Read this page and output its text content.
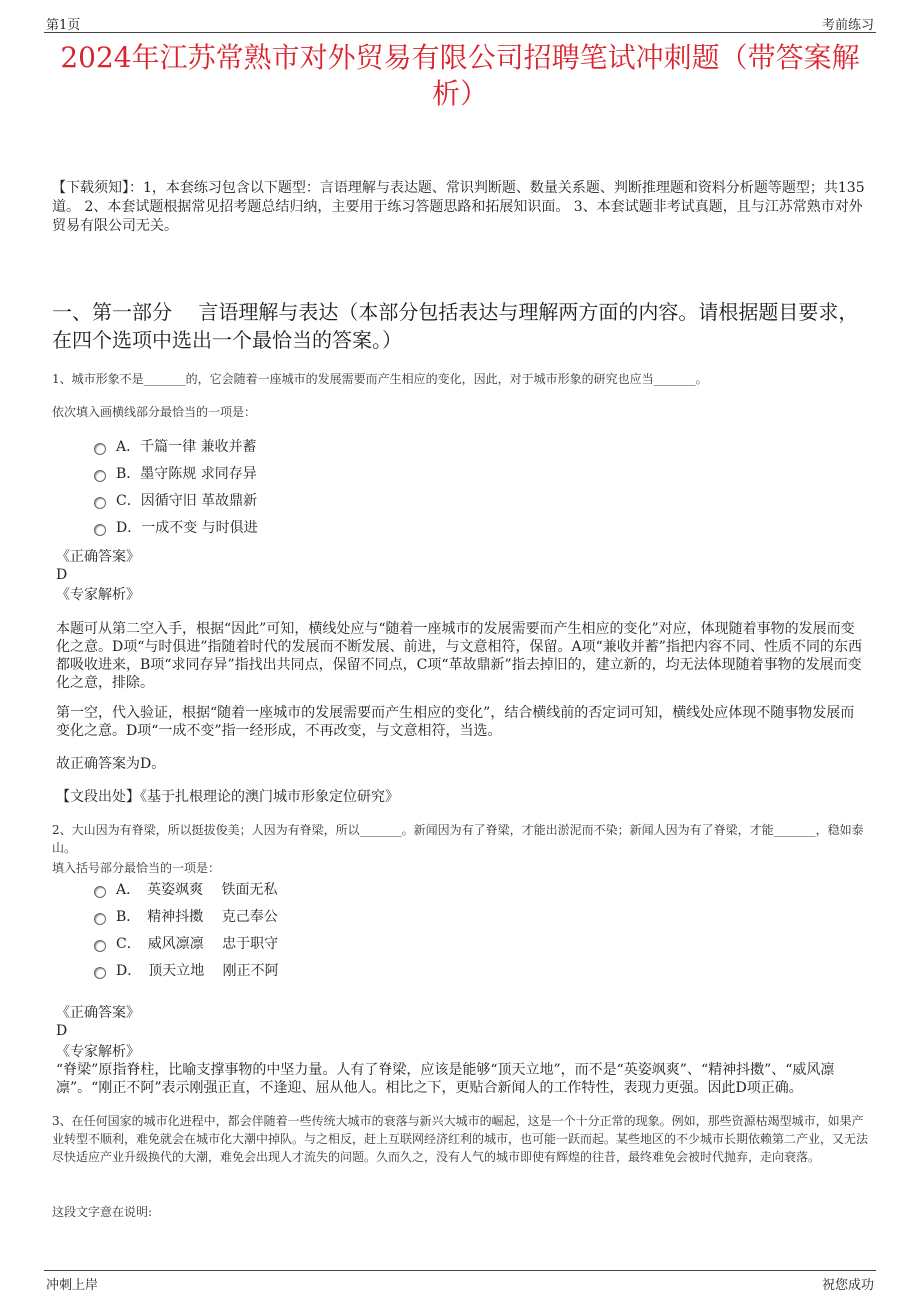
第1页	考前练习
2024年江苏常熟市对外贸易有限公司招聘笔试冲刺题（带答案解析）
【下载须知】：1，本套练习包含以下题型：言语理解与表达题、常识判断题、数量关系题、判断推理题和资料分析题等题型；共135道。 2、本套试题根据常见招考题总结归纳，主要用于练习答题思路和拓展知识面。 3、本套试题非考试真题，且与江苏常熟市对外贸易有限公司无关。
一、第一部分　 言语理解与表达（本部分包括表达与理解两方面的内容。请根据题目要求，在四个选项中选出一个最恰当的答案。）
1、城市形象不是_______的，它会随着一座城市的发展需要而产生相应的变化，因此，对于城市形象的研究也应当_______。
依次填入画横线部分最恰当的一项是：
A．千篇一律 兼收并蓄
B．墨守陈规 求同存异
C．因循守旧 革故鼎新
D．一成不变 与时俱进
《正确答案》
D
《专家解析》
本题可从第二空入手，根据“因此”可知，横线处应与“随着一座城市的发展需要而产生相应的变化”对应，体现随着事物的发展而变化之意。D项“与时俱进”指随着时代的发展而不断发展、前进，与文意相符，保留。A项“兼收并蓄”指把内容不同、性质不同的东西都吸收进来，B项“求同存异”指找出共同点，保留不同点，C项“革故鼎新”指去掉旧的，建立新的，均无法体现随着事物的发展而变化之意，排除。
第一空，代入验证，根据“随着一座城市的发展需要而产生相应的变化”，结合横线前的否定词可知，横线处应体现不随事物发展而变化之意。D项“一成不变”指一经形成，不再改变，与文意相符，当选。
故正确答案为D。
【文段出处】《基于扎根理论的澳门城市形象定位研究》
2、大山因为有脊梁，所以挺拔俊美；人因为有脊梁，所以_______。新闻因为有了脊梁，才能出淤泥而不染；新闻人因为有了脊梁，才能_______，稳如泰山。
填入括号部分最恰当的一项是：
A．　英姿飒爽　 铁面无私
B．　精神抖擞　 克己奉公
C．　威风凛凛　 忠于职守
D．　顶天立地　 刚正不阿
《正确答案》
D
《专家解析》
“脊梁”原指脊柱，比喻支撑事物的中坚力量。人有了脊梁，应该是能够“顶天立地”，而不是“英姿飒爽”、“精神抖擞”、“威风凛凛”。“刚正不阿”表示刚强正直，不逢迎、屈从他人。相比之下，更贴合新闻人的工作特性，表现力更强。因此D项正确。
3、在任何国家的城市化进程中，都会伴随着一些传统大城市的衰落与新兴大城市的崛起，这是一个十分正常的现象。例如，那些资源枯竭型城市，如果产业转型不顺利，难免就会在城市化大潮中掉队。与之相反，赶上互联网经济红利的城市，也可能一跃而起。某些地区的不少城市长期依赖第二产业，又无法尽快适应产业升级换代的大潮，难免会出现人才流失的问题。久而久之，没有人气的城市即使有辉煌的往昔，最终难免会被时代抛弃，走向衰落。
这段文字意在说明:
冲刺上岸	祝您成功
